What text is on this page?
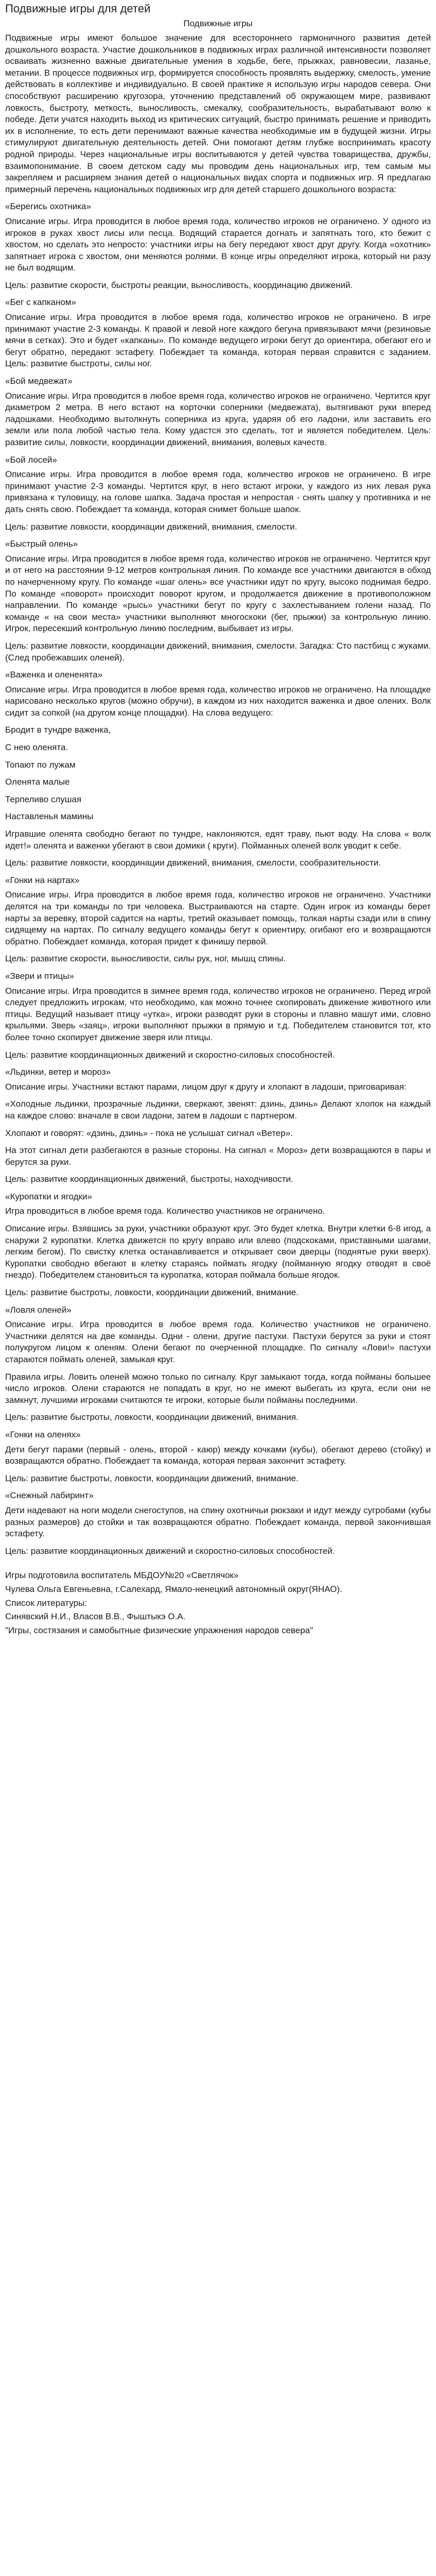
Подвижные игры для детей
Подвижные игры

Подвижные игры имеют большое значение для всестороннего гармоничного развития детей дошкольного возраста. Участие дошкольников в подвижных играх различной интенсивности позволяет осваивать жизненно важные двигательные умения в ходьбе, беге, прыжках, равновесии, лазанье, метании. В процессе подвижных игр, формируется способность проявлять выдержку, смелость, умение действовать в коллективе и индивидуально. В своей практике я использую игры народов севера. Они способствуют расширению кругозора, уточнению представлений об окружающем мире, развивают ловкость, быстроту, меткость, выносливость, смекалку, сообразительность, вырабатывают волю к победе. Дети учатся находить выход из критических ситуаций, быстро принимать решение и приводить их в исполнение, то есть дети перенимают важные качества необходимые им в будущей жизни. Игры стимулируют двигательную деятельность детей. Они помогают детям глубже воспринимать красоту родной природы. Через национальные игры воспитываются у детей чувства товарищества, дружбы, взаимопонимание. В своем детском саду мы проводим день национальных игр, тем самым мы закрепляем и расширяем знания детей о национальных видах спорта и подвижных игр. Я предлагаю примерный перечень национальных подвижных игр для детей старшего дошкольного возраста:

«Берегись охотника»

Описание игры. Игра проводится в любое время года, количество игроков не ограничено. У одного из игроков в руках хвост лисы или песца. Водящий старается догнать и запятнать того, кто бежит с хвостом, но сделать это непросто: участники игры на бегу передают хвост друг другу. Когда «охотник» запятнает игрока с хвостом, они меняются ролями. В конце игры определяют игрока, который ни разу не был водящим.

Цель: развитие скорости, быстроты реакции, выносливость, координацию движений.

«Бег с капканом»

Описание игры. Игра проводится в любое время года, количество игроков не ограничено. В игре принимают участие 2-3 команды. К правой и левой ноге каждого бегуна привязывают мячи (резиновые мячи в сетках). Это и будет «капканы». По команде ведущего игроки бегут до ориентира, обегают его и бегут обратно, передают эстафету. Побеждает та команда, которая первая справится с заданием. Цель: развитие быстроты, силы ног.

«Бой медвежат»

Описание игры. Игра проводится в любое время года, количество игроков не ограничено. Чертится круг диаметром 2 метра. В него встают на корточки соперники (медвежата), вытягивают руки вперед ладошками. Необходимо вытолкнуть соперника из круга, ударяя об его ладони, или заставить его земли или пола любой частью тела. Кому удастся это сделать, тот и является победителем. Цель: развитие силы, ловкости, координации движений, внимания, волевых качеств.

«Бой лосей»

Описание игры. Игра проводится в любое время года, количество игроков не ограничено. В игре принимают участие 2-3 команды. Чертится круг, в него встают игроки, у каждого из них левая рука привязана к туловищу, на голове шапка. Задача простая и непростая - снять шапку у противника и не дать снять свою. Побеждает та команда, которая снимет больше шапок.

Цель: развитие ловкости, координации движений, внимания, смелости.

«Быстрый олень»

Описание игры. Игра проводится в любое время года, количество игроков не ограничено. Чертится круг и от него на расстоянии 9-12 метров контрольная линия. По команде все участники двигаются в обход по начерченному кругу. По команде «шаг олень» все участники идут по кругу, высоко поднимая бедро. По команде «поворот» происходит поворот кругом, и продолжается движение в противоположном направлении. По команде «рысь» участники бегут по кругу с захлестыванием голени назад. По команде « на свои места» участники выполняют многоскоки (бег, прыжки) за контрольную линию. Игрок, пересекший контрольную линию последним, выбывает из игры.

Цель: развитие ловкости, координации движений, внимания, смелости. Загадка: Сто пастбищ с жуками. (След пробежавших оленей).

«Важенка и олененята»

Описание игры. Игра проводится в любое время года, количество игроков не ограничено. На площадке нарисовано несколько кругов (можно обручи), в каждом из них находится важенка и двое олених. Волк сидит за сопкой (на другом конце площадки). На слова ведущего:

Бродит в тундре важенка,

С нею оленята.

Топают по лужам

Оленята малые

Терпеливо слушая

Наставленья мамины

Игравшие оленята свободно бегают по тундре, наклоняются, едят траву, пьют воду. На слова « волк идет!» оленята и важенки убегают в свои домики ( круги). Пойманных оленей волк уводит к себе.

Цель: развитие ловкости, координации движений, внимания, смелости, сообразительности.

«Гонки на нартах»

Описание игры. Игра проводится в любое время года, количество игроков не ограничено. Участники делятся на три команды по три человека. Выстраиваются на старте. Один игрок из команды берет нарты за веревку, второй садится на нарты, третий оказывает помощь, толкая нарты сзади или в спину сидящему на нартах. По сигналу ведущего команды бегут к ориентиру, огибают его и возвращаются обратно. Побеждает команда, которая придет к финишу первой.

Цель: развитие скорости, выносливости, силы рук, ног, мышц спины.

«Звери и птицы»

Описание игры. Игра проводится в зимнее время года, количество игроков не ограничено. Перед игрой следует предложить игрокам, что необходимо, как можно точнее скопировать движение животного или птицы. Ведущий называет птицу «утка», игроки разводят руки в стороны и плавно машут ими, словно крыльями. Зверь «заяц», игроки выполняют прыжки в прямую и т.д. Победителем становится тот, кто более точно скопирует движение зверя или птицы.

Цель: развитие координационных движений и скоростно-силовых способностей.

«Льдинки, ветер и мороз»

Описание игры. Участники встают парами, лицом друг к другу и хлопают в ладоши, приговаривая:

«Холодные льдинки, прозрачные льдинки, сверкают, звенят: дзинь, дзинь» Делают хлопок на каждый на каждое слово: вначале в свои ладони, затем в ладоши с партнером.

Хлопают и говорят: «дзинь, дзинь» - пока не услышат сигнал «Ветер».

На этот сигнал дети разбегаются в разные стороны. На сигнал « Мороз» дети возвращаются в пары и берутся за руки.

Цель: развитие координационных движений, быстроты, находчивости.

«Куропатки и ягодки»

Игра проводиться в любое время года. Количество участников не ограничено.

Описание игры. Взявшись за руки, участники образуют круг. Это будет клетка. Внутри клетки 6-8 игод, а снаружи 2 куропатки. Клетка движется по кругу вправо или влево (подскоками, приставными шагами, легким бегом). По свистку клетка останавливается и открывает свои дверцы (поднятые руки вверх). Куропатки свободно вбегают в клетку стараясь поймать ягодку (пойманную ягодку отводят в своё гнездо). Победителем становиться та куропатка, которая поймала больше ягодок.

Цель: развитие быстроты, ловкости, координации движений, внимание.

«Ловля оленей»

Описание игры. Игра проводится в любое время года. Количество участников не ограничено. Участники делятся на две команды. Одни - олени, другие пастухи. Пастухи берутся за руки и стоят полукругом лицом к оленям. Олени бегают по очерченной площадке. По сигналу «Лови!» пастухи стараются поймать оленей, замыкая круг.

Правила игры. Ловить оленей можно только по сигналу. Круг замыкают тогда, когда пойманы большее число игроков. Олени стараются не попадать в круг, но не имеют выбегать из круга, если они не замкнут, лучшими игроками считаются те игроки, которые были пойманы последними.

Цель: развитие быстроты, ловкости, координации движений, внимания.

«Гонки на оленях»

Дети бегут парами (первый - олень, второй - каюр) между кочками (кубы), обегают дерево (стойку) и возвращаются обратно. Побеждает та команда, которая первая закончит эстафету.

Цель: развитие быстроты, ловкости, координации движений, внимание.

«Снежный лабиринт»

Дети надевают на ноги модели снегоступов, на спину охотничьи рюкзаки и идут между сугробами (кубы разных размеров) до стойки и так возвращаются обратно. Побеждает команда, первой закончившая эстафету.

Цель: развитие координационных движений и скоростно-силовых способностей.

Игры подготовила воспитатель МБДОУ№20 «Светлячок»

Чулева Ольга Евгеньевна, г.Салехард, Ямало-ненецкий автономный округ(ЯНАО).

Список литературы:

Синявский Н.И., Власов В.В., Фыштыкэ О.А.

"Игры, состязания и самобытные физические упражнения народов севера"
